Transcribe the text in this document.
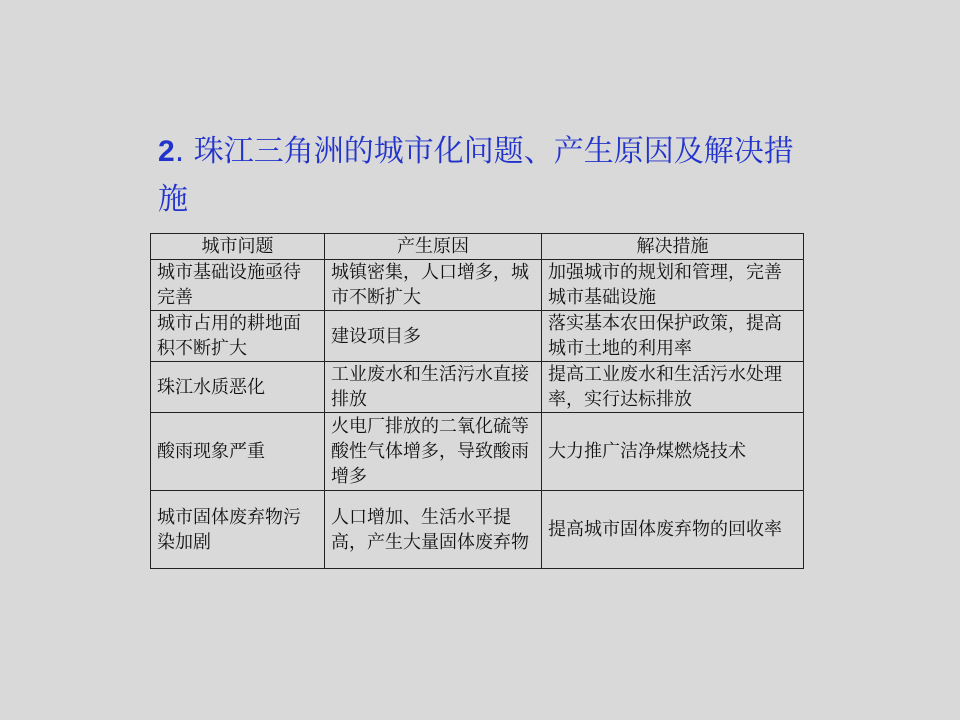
2. 珠江三角洲的城市化问题、产生原因及解决措施
城市问题	产生原因	解决措施
城市基础设施亟待完善	城镇密集，人口增多，城市不断扩大	加强城市的规划和管理，完善城市基础设施
城市占用的耕地面积不断扩大	建设项目多	落实基本农田保护政策，提高城市土地的利用率
珠江水质恶化	工业废水和生活污水直接排放	提高工业废水和生活污水处理率，实行达标排放
酸雨现象严重	火电厂排放的二氧化硫等酸性气体增多，导致酸雨增多	大力推广洁净煤燃烧技术
城市固体废弃物污染加剧	人口增加、生活水平提高，产生大量固体废弃物	提高城市固体废弃物的回收率
